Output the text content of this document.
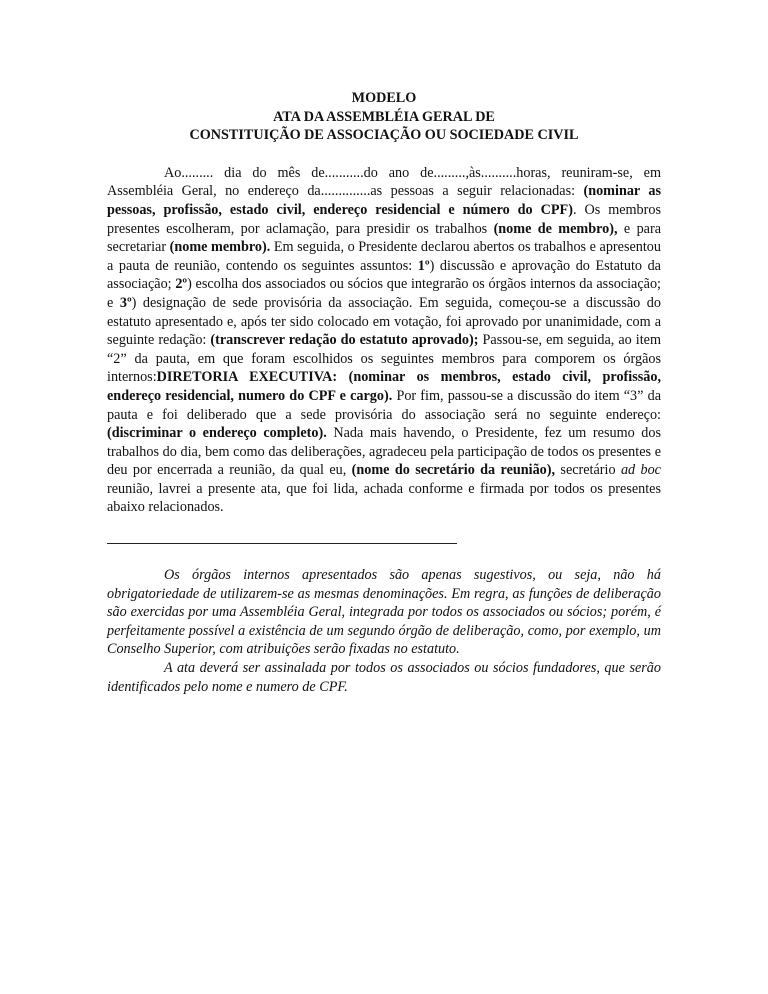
MODELO
ATA DA ASSEMBLÉIA GERAL DE
CONSTITUIÇÃO DE ASSOCIAÇÃO OU SOCIEDADE CIVIL
Ao......... dia do mês de...........do ano de.........,às..........horas, reuniram-se, em Assembléia Geral, no endereço da..............as pessoas a seguir relacionadas: (nominar as pessoas, profissão, estado civil, endereço residencial e número do CPF). Os membros presentes escolheram, por aclamação, para presidir os trabalhos (nome de membro), e para secretariar (nome membro). Em seguida, o Presidente declarou abertos os trabalhos e apresentou a pauta de reunião, contendo os seguintes assuntos: 1º) discussão e aprovação do Estatuto da associação; 2º) escolha dos associados ou sócios que integrarão os órgãos internos da associação; e 3º) designação de sede provisória da associação. Em seguida, começou-se a discussão do estatuto apresentado e, após ter sido colocado em votação, foi aprovado por unanimidade, com a seguinte redação: (transcrever redação do estatuto aprovado); Passou-se, em seguida, ao item “2” da pauta, em que foram escolhidos os seguintes membros para comporem os órgãos internos:DIRETORIA EXECUTIVA: (nominar os membros, estado civil, profissão, endereço residencial, numero do CPF e cargo). Por fim, passou-se a discussão do item “3” da pauta e foi deliberado que a sede provisória do associação será no seguinte endereço: (discriminar o endereço completo). Nada mais havendo, o Presidente, fez um resumo dos trabalhos do dia, bem como das deliberações, agradeceu pela participação de todos os presentes e deu por encerrada a reunião, da qual eu, (nome do secretário da reunião), secretário ad boc reunião, lavrei a presente ata, que foi lida, achada conforme e firmada por todos os presentes abaixo relacionados.
Os órgãos internos apresentados são apenas sugestivos, ou seja, não há obrigatoriedade de utilizarem-se as mesmas denominações. Em regra, as funções de deliberação são exercidas por uma Assembléia Geral, integrada por todos os associados ou sócios; porém, é perfeitamente possível a existência de um segundo órgão de deliberação, como, por exemplo, um Conselho Superior, com atribuições serão fixadas no estatuto.
A ata deverá ser assinalada por todos os associados ou sócios fundadores, que serão identificados pelo nome e numero de CPF.
